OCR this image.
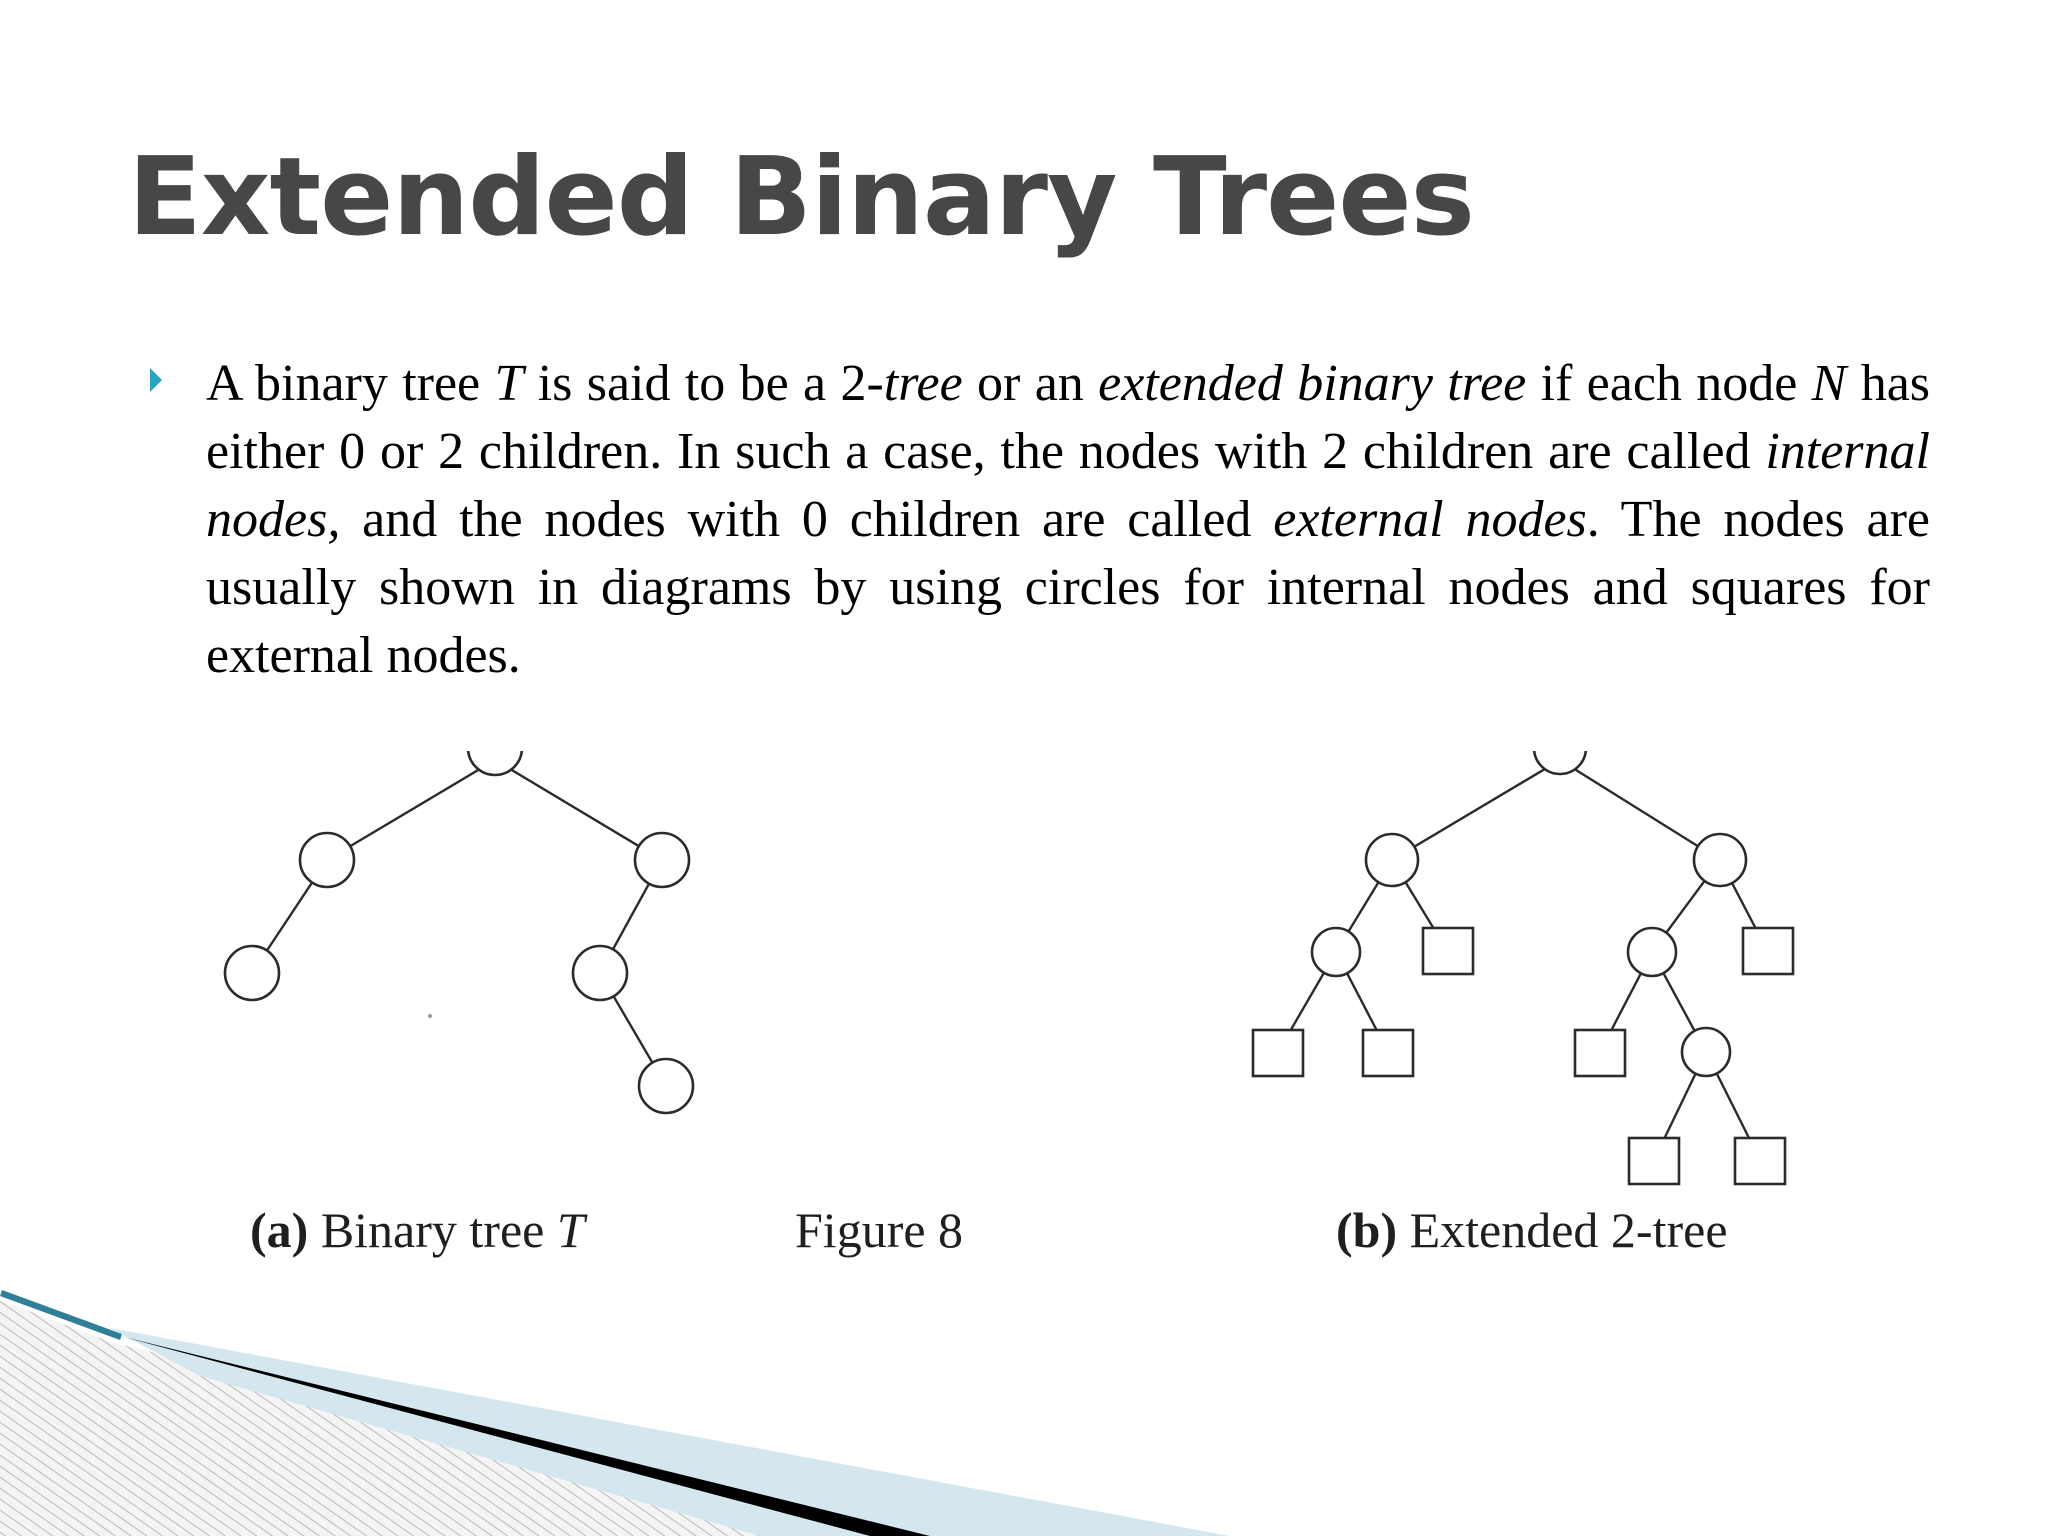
Extended Binary Trees

A binary tree T is said to be a 2-tree or an extended binary tree if each node N has either 0 or 2 children. In such a case, the nodes with 2 children are called internal nodes, and the nodes with 0 children are called external nodes. The nodes are usually shown in diagrams by using circles for internal nodes and squares for external nodes.

(a) Binary tree T	Figure 8	(b) Extended 2-tree
